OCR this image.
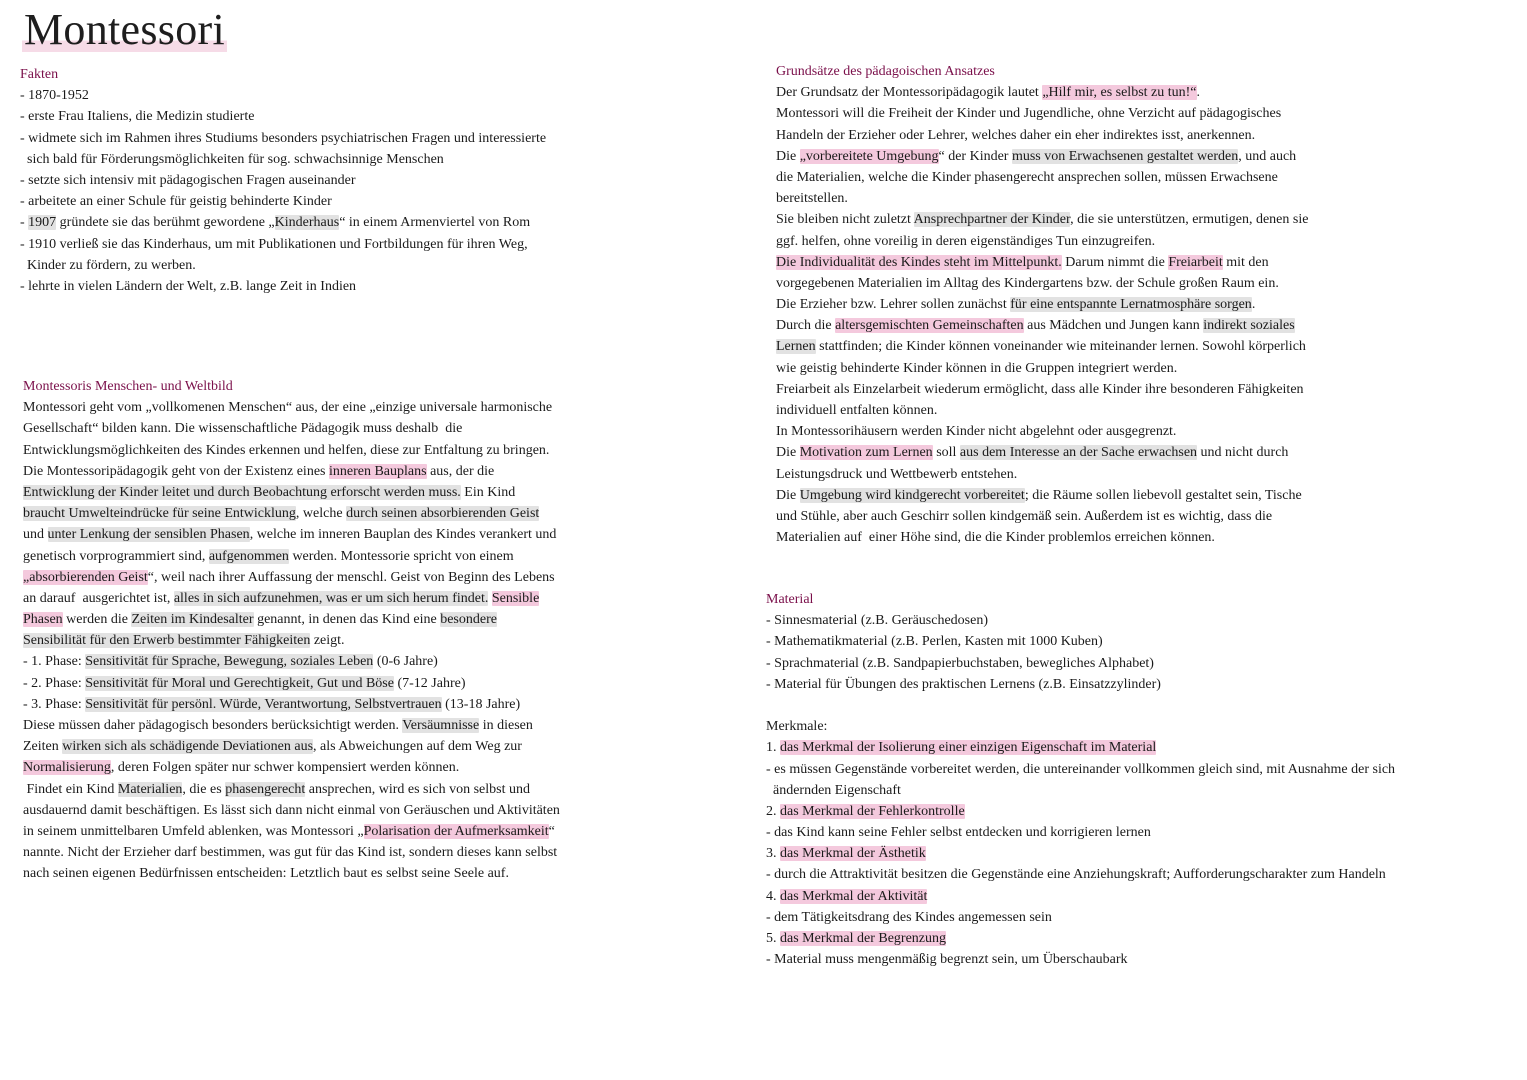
Montessori
Fakten
- 1870-1952
- erste Frau Italiens, die Medizin studierte
- widmete sich im Rahmen ihres Studiums besonders psychiatrischen Fragen und interessierte
sich bald für Förderungsmöglichkeiten für sog. schwachsinnige Menschen
- setzte sich intensiv mit pädagogischen Fragen auseinander
- arbeitete an einer Schule für geistig behinderte Kinder
- 1907 gründete sie das berühmt gewordene „Kinderhaus“ in einem Armenviertel von Rom
- 1910 verließ sie das Kinderhaus, um mit Publikationen und Fortbildungen für ihren Weg,
Kinder zu fördern, zu werben.
- lehrte in vielen Ländern der Welt, z.B. lange Zeit in Indien
Montessoris Menschen- und Weltbild
Montessori geht vom „vollkomenen Menschen“ aus, der eine „einzige universale harmonische
Gesellschaft“ bilden kann. Die wissenschaftliche Pädagogik muss deshalb  die
Entwicklungsmöglichkeiten des Kindes erkennen und helfen, diese zur Entfaltung zu bringen.
Die Montessoripädagogik geht von der Existenz eines inneren Bauplans aus, der die
Entwicklung der Kinder leitet und durch Beobachtung erforscht werden muss. Ein Kind
braucht Umwelteindrücke für seine Entwicklung, welche durch seinen absorbierenden Geist
und unter Lenkung der sensiblen Phasen, welche im inneren Bauplan des Kindes verankert und
genetisch vorprogrammiert sind, aufgenommen werden. Montessorie spricht von einem
„absorbierenden Geist“, weil nach ihrer Auffassung der menschl. Geist von Beginn des Lebens
an darauf  ausgerichtet ist, alles in sich aufzunehmen, was er um sich herum findet. Sensible
Phasen werden die Zeiten im Kindesalter genannt, in denen das Kind eine besondere
Sensibilität für den Erwerb bestimmter Fähigkeiten zeigt.
- 1. Phase: Sensitivität für Sprache, Bewegung, soziales Leben (0-6 Jahre)
- 2. Phase: Sensitivität für Moral und Gerechtigkeit, Gut und Böse (7-12 Jahre)
- 3. Phase: Sensitivität für persönl. Würde, Verantwortung, Selbstvertrauen (13-18 Jahre)
Diese müssen daher pädagogisch besonders berücksichtigt werden. Versäumnisse in diesen
Zeiten wirken sich als schädigende Deviationen aus, als Abweichungen auf dem Weg zur
Normalisierung, deren Folgen später nur schwer kompensiert werden können.
Findet ein Kind Materialien, die es phasengerecht ansprechen, wird es sich von selbst und
ausdauernd damit beschäftigen. Es lässt sich dann nicht einmal von Geräuschen und Aktivitäten
in seinem unmittelbaren Umfeld ablenken, was Montessori „Polarisation der Aufmerksamkeit“
nannte. Nicht der Erzieher darf bestimmen, was gut für das Kind ist, sondern dieses kann selbst
nach seinen eigenen Bedürfnissen entscheiden: Letztlich baut es selbst seine Seele auf.
Grundsätze des pädagoischen Ansatzes
Der Grundsatz der Montessoripädagogik lautet „Hilf mir, es selbst zu tun!“.
Montessori will die Freiheit der Kinder und Jugendliche, ohne Verzicht auf pädagogisches
Handeln der Erzieher oder Lehrer, welches daher ein eher indirektes isst, anerkennen.
Die „vorbereitete Umgebung“ der Kinder muss von Erwachsenen gestaltet werden, und auch
die Materialien, welche die Kinder phasengerecht ansprechen sollen, müssen Erwachsene
bereitstellen.
Sie bleiben nicht zuletzt Ansprechpartner der Kinder, die sie unterstützen, ermutigen, denen sie
ggf. helfen, ohne voreilig in deren eigenständiges Tun einzugreifen.
Die Individualität des Kindes steht im Mittelpunkt. Darum nimmt die Freiarbeit mit den
vorgegebenen Materialien im Alltag des Kindergartens bzw. der Schule großen Raum ein.
Die Erzieher bzw. Lehrer sollen zunächst für eine entspannte Lernatmosphäre sorgen.
Durch die altersgemischten Gemeinschaften aus Mädchen und Jungen kann indirekt soziales
Lernen stattfinden; die Kinder können voneinander wie miteinander lernen. Sowohl körperlich
wie geistig behinderte Kinder können in die Gruppen integriert werden.
Freiarbeit als Einzelarbeit wiederum ermöglicht, dass alle Kinder ihre besonderen Fähigkeiten
individuell entfalten können.
In Montessorihäusern werden Kinder nicht abgelehnt oder ausgegrenzt.
Die Motivation zum Lernen soll aus dem Interesse an der Sache erwachsen und nicht durch
Leistungsdruck und Wettbewerb entstehen.
Die Umgebung wird kindgerecht vorbereitet; die Räume sollen liebevoll gestaltet sein, Tische
und Stühle, aber auch Geschirr sollen kindgemäß sein. Außerdem ist es wichtig, dass die
Materialien auf  einer Höhe sind, die die Kinder problemlos erreichen können.
Material
- Sinnesmaterial (z.B. Geräuschedosen)
- Mathematikmaterial (z.B. Perlen, Kasten mit 1000 Kuben)
- Sprachmaterial (z.B. Sandpapierbuchstaben, bewegliches Alphabet)
- Material für Übungen des praktischen Lernens (z.B. Einsatzzylinder)
Merkmale:
1. das Merkmal der Isolierung einer einzigen Eigenschaft im Material
- es müssen Gegenstände vorbereitet werden, die untereinander vollkommen gleich sind, mit Ausnahme der sich
ändernden Eigenschaft
2. das Merkmal der Fehlerkontrolle
- das Kind kann seine Fehler selbst entdecken und korrigieren lernen
3. das Merkmal der Ästhetik
- durch die Attraktivität besitzen die Gegenstände eine Anziehungskraft; Aufforderungscharakter zum Handeln
4. das Merkmal der Aktivität
- dem Tätigkeitsdrang des Kindes angemessen sein
5. das Merkmal der Begrenzung
- Material muss mengenmäßig begrenzt sein, um Überschaubark
